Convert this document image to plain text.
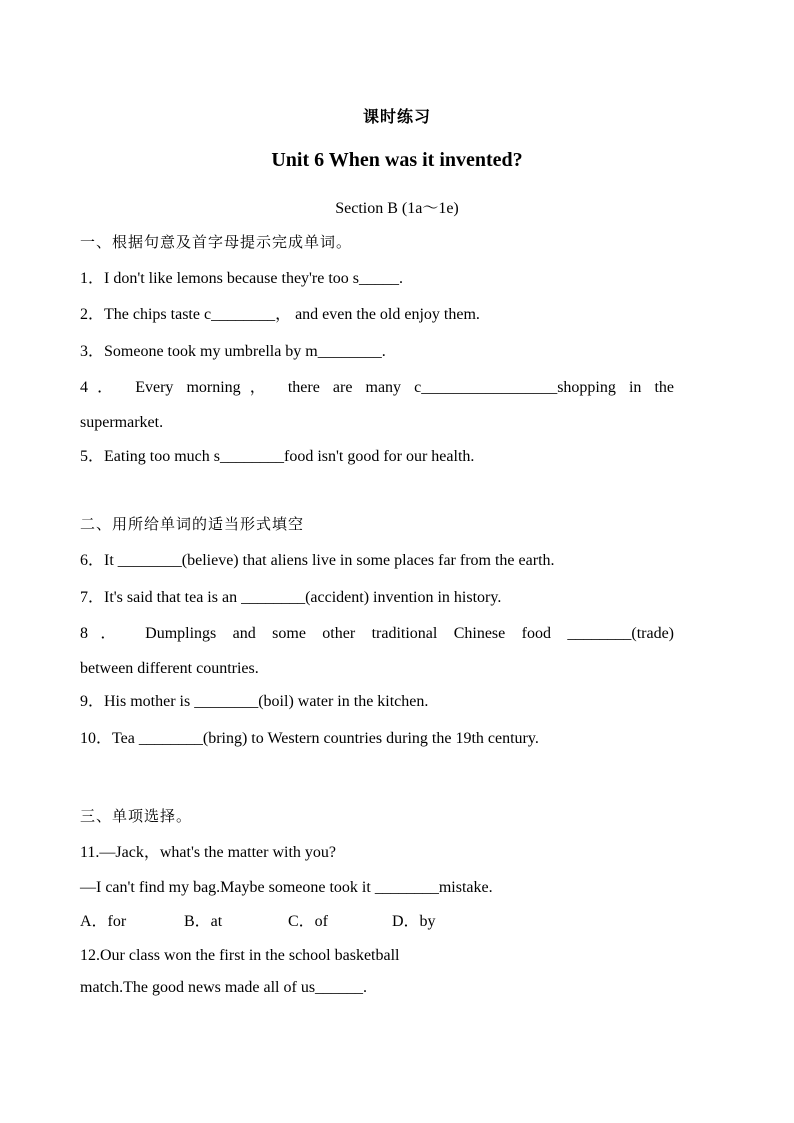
课时练习
Unit 6 When was it invented?
Section B (1a～1e)
一、根据句意及首字母提示完成单词。
1．I don't like lemons because they're too s_____.
2．The chips taste c________， and even the old enjoy them.
3．Someone took my umbrella by m________.
4． Every morning， there are many c_________________shopping in the
supermarket.
5．Eating too much s________food isn't good for our health.
二、用所给单词的适当形式填空
6．It ________(believe) that aliens live in some places far from the earth.
7．It's said that tea is an ________(accident) invention in history.
8． Dumplings and some other traditional Chinese food ________(trade)
between different countries.
9．His mother is ________(boil) water in the kitchen.
10．Tea ________(bring) to Western countries during the 19th century.
三、单项选择。
11.—Jack，what's the matter with you?
—I can't find my bag.Maybe someone took it ________mistake.
A．for	B．at	C．of	D．by
12.Our class won the first in the school basketball
match.The good news made all of us______.
